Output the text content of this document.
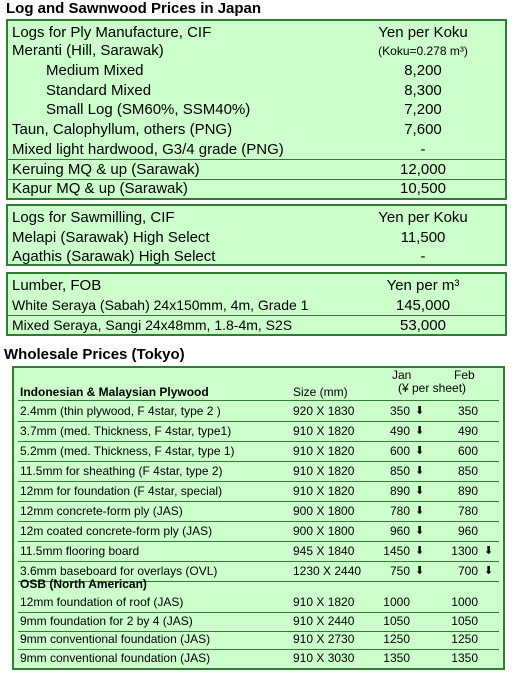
Log and Sawnwood Prices in Japan
Logs for Ply Manufacture, CIF	Yen per Koku
Meranti (Hill, Sarawak)	(Koku=0.278 m³)
Medium Mixed	8,200
Standard Mixed	8,300
Small Log (SM60%, SSM40%)	7,200
Taun, Calophyllum, others (PNG)	7,600
Mixed light hardwood, G3/4 grade (PNG)	-
Keruing MQ & up (Sarawak)	12,000
Kapur MQ & up (Sarawak)	10,500
Logs for Sawmilling, CIF	Yen per Koku
Melapi (Sarawak) High Select	11,500
Agathis (Sarawak) High Select	-
Lumber, FOB	Yen per m³
White Seraya (Sabah) 24x150mm, 4m, Grade 1	145,000
Mixed Seraya, Sangi 24x48mm, 1.8-4m, S2S	53,000
Wholesale Prices (Tokyo)
Jan	Feb
(¥ per sheet)
Indonesian & Malaysian Plywood	Size (mm)
2.4mm (thin plywood, F 4star, type 2 )	920 X 1830	350 ⬇	350
3.7mm (med. Thickness, F 4star, type1)	910 X 1820	490 ⬇	490
5.2mm (med. Thickness, F 4star, type 1)	910 X 1820	600 ⬇	600
11.5mm for sheathing (F 4star, type 2)	910 X 1820	850 ⬇	850
12mm for foundation (F 4star, special)	910 X 1820	890 ⬇	890
12mm concrete-form ply (JAS)	900 X 1800	780 ⬇	780
12m coated concrete-form ply (JAS)	900 X 1800	960 ⬇	960
11.5mm flooring board	945 X 1840	1450 ⬇	1300 ⬇
3.6mm baseboard for overlays (OVL)	1230 X 2440	750 ⬇	700 ⬇
OSB (North American)
12mm foundation of roof (JAS)	910 X 1820	1000	1000
9mm foundation for 2 by 4 (JAS)	910 X 2440	1050	1050
9mm conventional foundation (JAS)	910 X 2730	1250	1250
9mm conventional foundation (JAS)	910 X 3030	1350	1350
